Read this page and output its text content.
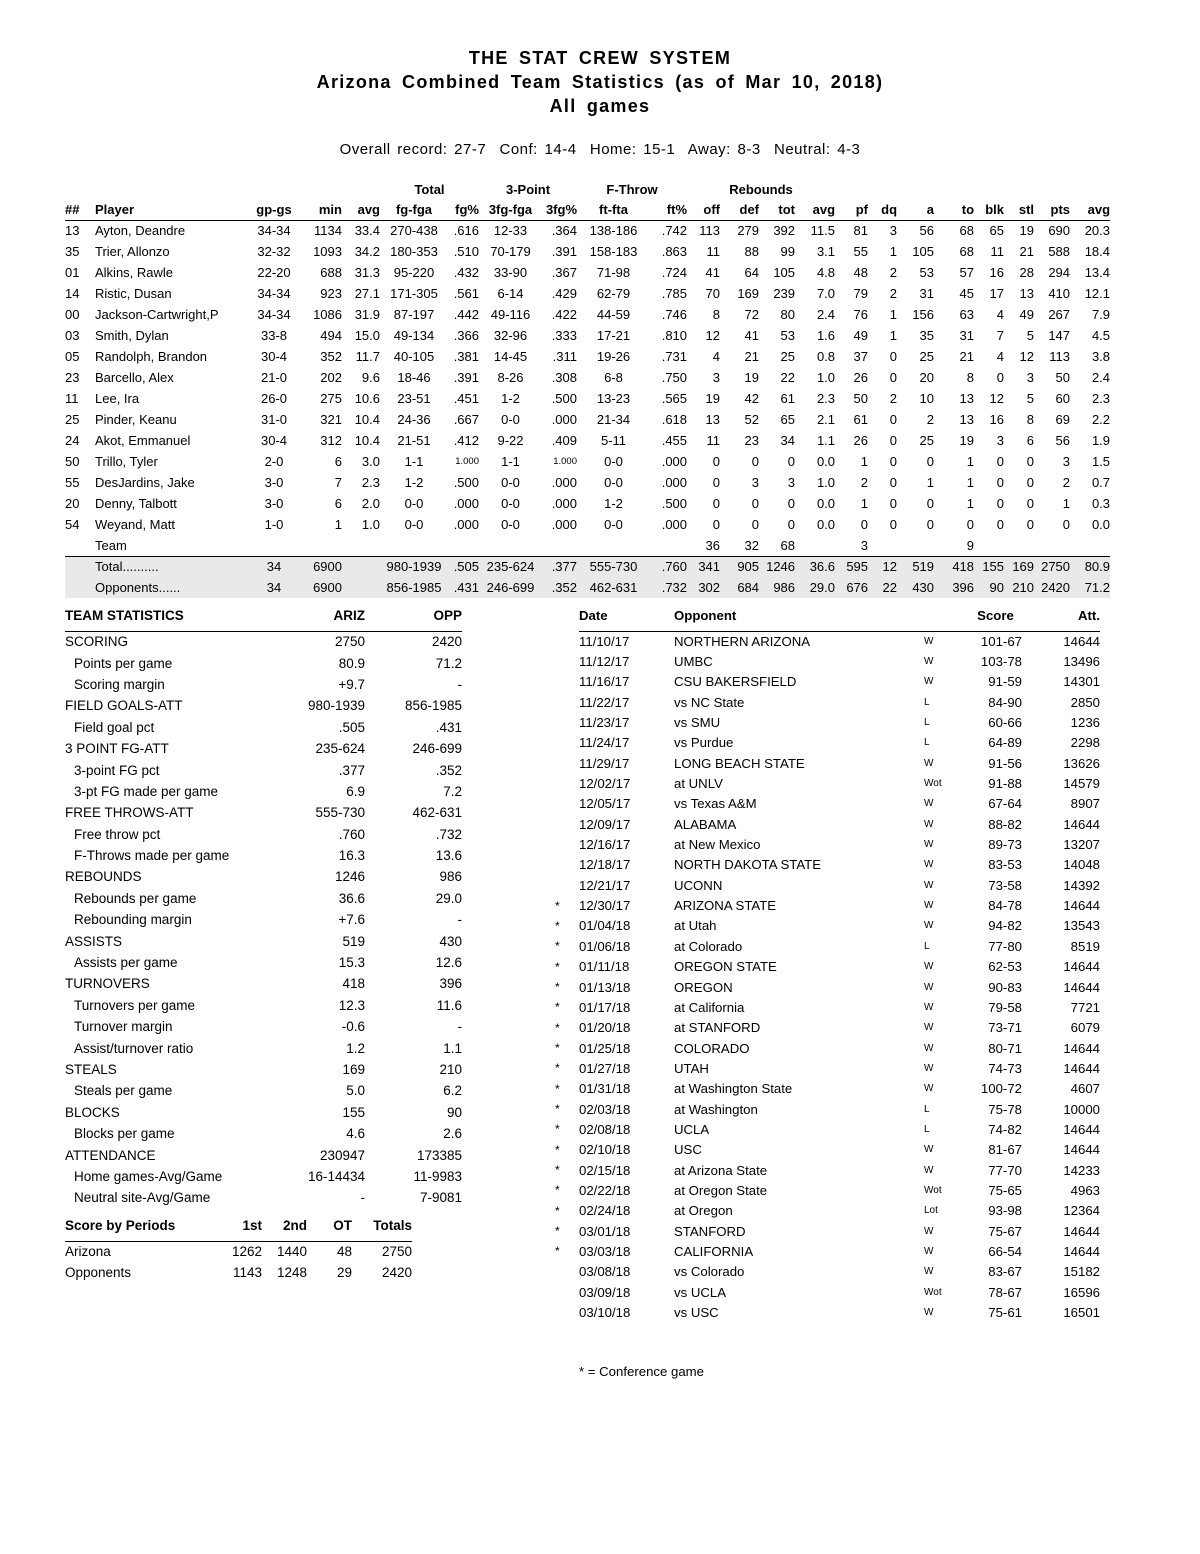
THE STAT CREW SYSTEM
Arizona Combined Team Statistics (as of Mar 10, 2018)
All games
Overall record: 27-7  Conf: 14-4  Home: 15-1  Away: 8-3  Neutral: 4-3
					Total		3-Point		F-Throw		Rebounds											
##	Player	gp-gs	min	avg	fg-fga	fg%	3fg-fga	3fg%	ft-fta	ft%	off	def	tot	avg	pf	dq	a	to	blk	stl	pts	avg
13	Ayton, Deandre	34-34	1134	33.4	270-438	.616	12-33	.364	138-186	.742	113	279	392	11.5	81	3	56	68	65	19	690	20.3
35	Trier, Allonzo	32-32	1093	34.2	180-353	.510	70-179	.391	158-183	.863	11	88	99	3.1	55	1	105	68	11	21	588	18.4
01	Alkins, Rawle	22-20	688	31.3	95-220	.432	33-90	.367	71-98	.724	41	64	105	4.8	48	2	53	57	16	28	294	13.4
14	Ristic, Dusan	34-34	923	27.1	171-305	.561	6-14	.429	62-79	.785	70	169	239	7.0	79	2	31	45	17	13	410	12.1
00	Jackson-Cartwright,P	34-34	1086	31.9	87-197	.442	49-116	.422	44-59	.746	8	72	80	2.4	76	1	156	63	4	49	267	7.9
03	Smith, Dylan	33-8	494	15.0	49-134	.366	32-96	.333	17-21	.810	12	41	53	1.6	49	1	35	31	7	5	147	4.5
05	Randolph, Brandon	30-4	352	11.7	40-105	.381	14-45	.311	19-26	.731	4	21	25	0.8	37	0	25	21	4	12	113	3.8
23	Barcello, Alex	21-0	202	9.6	18-46	.391	8-26	.308	6-8	.750	3	19	22	1.0	26	0	20	8	0	3	50	2.4
11	Lee, Ira	26-0	275	10.6	23-51	.451	1-2	.500	13-23	.565	19	42	61	2.3	50	2	10	13	12	5	60	2.3
25	Pinder, Keanu	31-0	321	10.4	24-36	.667	0-0	.000	21-34	.618	13	52	65	2.1	61	0	2	13	16	8	69	2.2
24	Akot, Emmanuel	30-4	312	10.4	21-51	.412	9-22	.409	5-11	.455	11	23	34	1.1	26	0	25	19	3	6	56	1.9
50	Trillo, Tyler	2-0	6	3.0	1-1	1.000	1-1	1.000	0-0	.000	0	0	0	0.0	1	0	0	1	0	0	3	1.5
55	DesJardins, Jake	3-0	7	2.3	1-2	.500	0-0	.000	0-0	.000	0	3	3	1.0	2	0	1	1	0	0	2	0.7
20	Denny, Talbott	3-0	6	2.0	0-0	.000	0-0	.000	1-2	.500	0	0	0	0.0	1	0	0	1	0	0	1	0.3
54	Weyand, Matt	1-0	1	1.0	0-0	.000	0-0	.000	0-0	.000	0	0	0	0.0	0	0	0	0	0	0	0	0.0
	Team										36	32	68		3			9				
	Total..........	34	6900		980-1939	.505	235-624	.377	555-730	.760	341	905	1246	36.6	595	12	519	418	155	169	2750	80.9
	Opponents......	34	6900		856-1985	.431	246-699	.352	462-631	.732	302	684	986	29.0	676	22	430	396	90	210	2420	71.2
TEAM STATISTICS	ARIZ	OPP
SCORING	2750	2420
Points per game	80.9	71.2
Scoring margin	+9.7	-
FIELD GOALS-ATT	980-1939	856-1985
Field goal pct	.505	.431
3 POINT FG-ATT	235-624	246-699
3-point FG pct	.377	.352
3-pt FG made per game	6.9	7.2
FREE THROWS-ATT	555-730	462-631
Free throw pct	.760	.732
F-Throws made per game	16.3	13.6
REBOUNDS	1246	986
Rebounds per game	36.6	29.0
Rebounding margin	+7.6	-
ASSISTS	519	430
Assists per game	15.3	12.6
TURNOVERS	418	396
Turnovers per game	12.3	11.6
Turnover margin	-0.6	-
Assist/turnover ratio	1.2	1.1
STEALS	169	210
Steals per game	5.0	6.2
BLOCKS	155	90
Blocks per game	4.6	2.6
ATTENDANCE	230947	173385
Home games-Avg/Game	16-14434	11-9983
Neutral site-Avg/Game	-	7-9081
Score by Periods	1st	2nd	OT	Totals
Arizona	1262	1440	48	2750
Opponents	1143	1248	29	2420
	Date	Opponent		Score	Att.
	11/10/17	NORTHERN ARIZONA	W	101-67	14644
	11/12/17	UMBC	W	103-78	13496
	11/16/17	CSU BAKERSFIELD	W	91-59	14301
	11/22/17	vs NC State	L	84-90	2850
	11/23/17	vs SMU	L	60-66	1236
	11/24/17	vs Purdue	L	64-89	2298
	11/29/17	LONG BEACH STATE	W	91-56	13626
	12/02/17	at UNLV	Wot	91-88	14579
	12/05/17	vs Texas A&M	W	67-64	8907
	12/09/17	ALABAMA	W	88-82	14644
	12/16/17	at New Mexico	W	89-73	13207
	12/18/17	NORTH DAKOTA STATE	W	83-53	14048
	12/21/17	UCONN	W	73-58	14392
*	12/30/17	ARIZONA STATE	W	84-78	14644
*	01/04/18	at Utah	W	94-82	13543
*	01/06/18	at Colorado	L	77-80	8519
*	01/11/18	OREGON STATE	W	62-53	14644
*	01/13/18	OREGON	W	90-83	14644
*	01/17/18	at California	W	79-58	7721
*	01/20/18	at STANFORD	W	73-71	6079
*	01/25/18	COLORADO	W	80-71	14644
*	01/27/18	UTAH	W	74-73	14644
*	01/31/18	at Washington State	W	100-72	4607
*	02/03/18	at Washington	L	75-78	10000
*	02/08/18	UCLA	L	74-82	14644
*	02/10/18	USC	W	81-67	14644
*	02/15/18	at Arizona State	W	77-70	14233
*	02/22/18	at Oregon State	Wot	75-65	4963
*	02/24/18	at Oregon	Lot	93-98	12364
*	03/01/18	STANFORD	W	75-67	14644
*	03/03/18	CALIFORNIA	W	66-54	14644
	03/08/18	vs Colorado	W	83-67	15182
	03/09/18	vs UCLA	Wot	78-67	16596
	03/10/18	vs USC	W	75-61	16501
* = Conference game
